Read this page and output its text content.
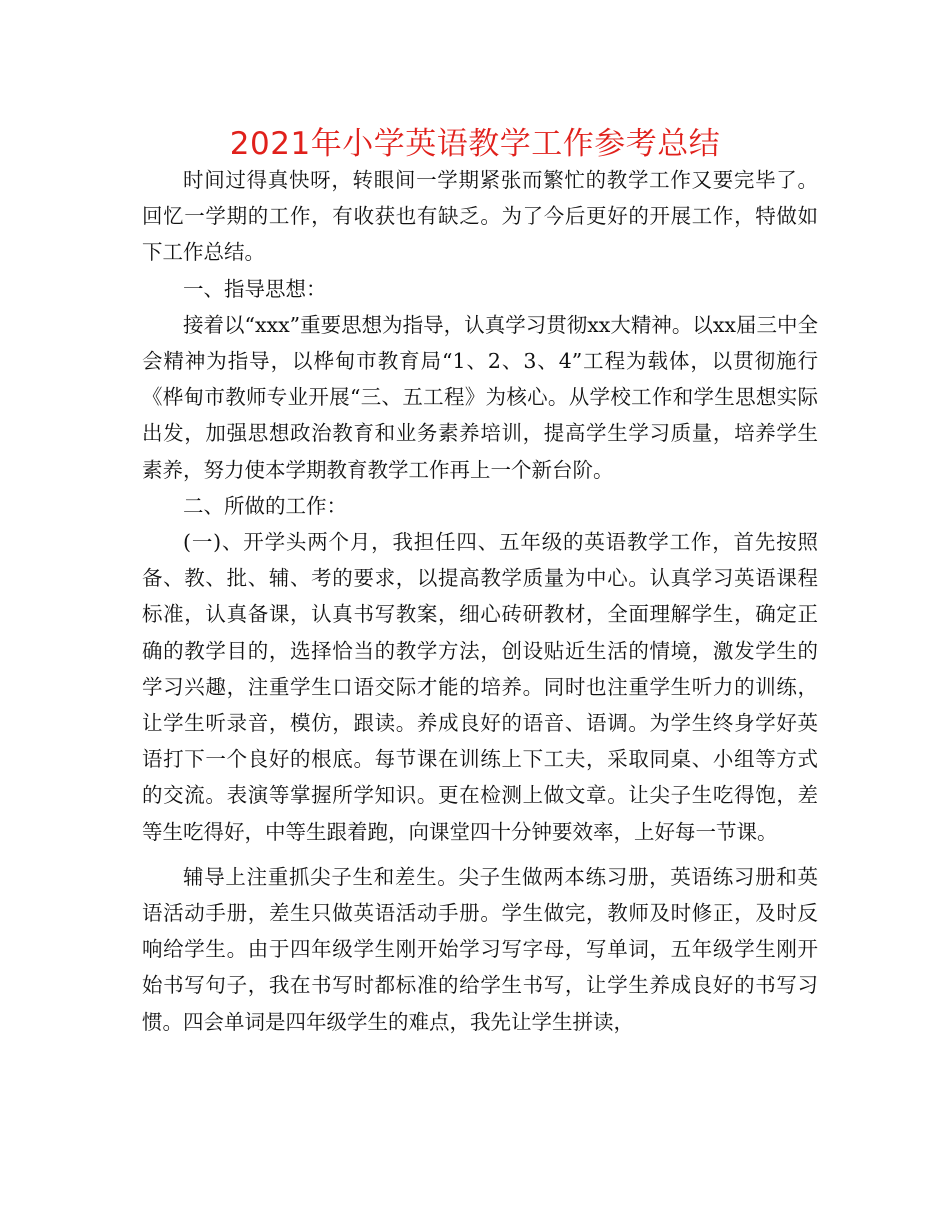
2021年小学英语教学工作参考总结

时间过得真快呀，转眼间一学期紧张而繁忙的教学工作又要完毕了。回忆一学期的工作，有收获也有缺乏。为了今后更好的开展工作，特做如下工作总结。

一、指导思想：

接着以“xxx”重要思想为指导，认真学习贯彻xx大精神。以xx届三中全会精神为指导，以桦甸市教育局“1、2、3、4”工程为载体，以贯彻施行《桦甸市教师专业开展“三、五工程》为核心。从学校工作和学生思想实际出发，加强思想政治教育和业务素养培训，提高学生学习质量，培养学生素养，努力使本学期教育教学工作再上一个新台阶。

二、所做的工作：

(一)、开学头两个月，我担任四、五年级的英语教学工作，首先按照备、教、批、辅、考的要求，以提高教学质量为中心。认真学习英语课程标准，认真备课，认真书写教案，细心砖研教材，全面理解学生，确定正确的教学目的，选择恰当的教学方法，创设贴近生活的情境，激发学生的学习兴趣，注重学生口语交际才能的培养。同时也注重学生听力的训练，让学生听录音，模仿，跟读。养成良好的语音、语调。为学生终身学好英语打下一个良好的根底。每节课在训练上下工夫，采取同桌、小组等方式的交流。表演等掌握所学知识。更在检测上做文章。让尖子生吃得饱，差等生吃得好，中等生跟着跑，向课堂四十分钟要效率，上好每一节课。

辅导上注重抓尖子生和差生。尖子生做两本练习册，英语练习册和英语活动手册，差生只做英语活动手册。学生做完，教师及时修正，及时反响给学生。由于四年级学生刚开始学习写字母，写单词，五年级学生刚开始书写句子，我在书写时都标准的给学生书写，让学生养成良好的书写习惯。四会单词是四年级学生的难点，我先让学生拼读，
